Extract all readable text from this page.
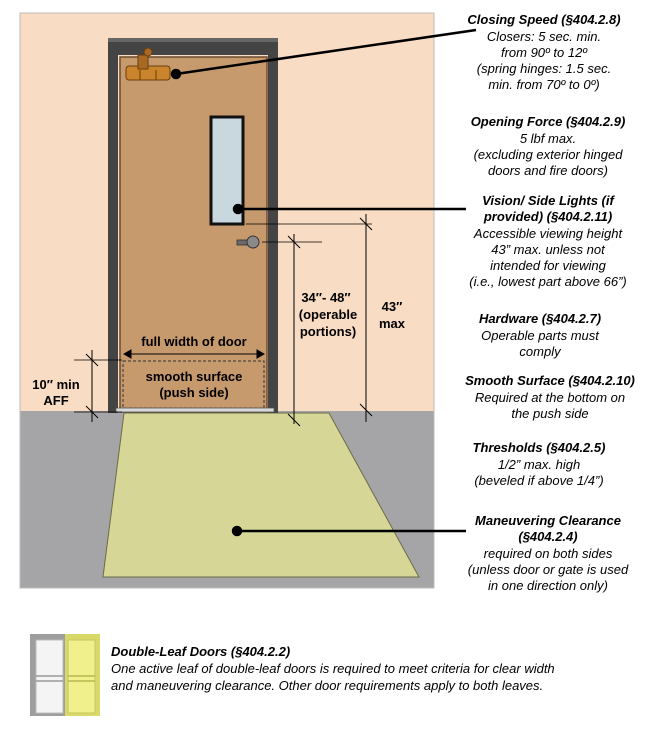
full width of door
smooth surface
(push side)
10″ min
AFF
34″- 48″
(operable
portions)
43″
max
Closing Speed (§404.2.8)
Closers: 5 sec. min.
from 90º to 12º
(spring hinges: 1.5 sec.
min. from 70º to 0º)
Opening Force (§404.2.9)
5 lbf max.
(excluding exterior hinged
doors and fire doors)
Vision/ Side Lights (if
provided) (§404.2.11)
Accessible viewing height
43” max. unless not
intended for viewing
(i.e., lowest part above 66”)
Hardware (§404.2.7)
Operable parts must
comply
Smooth Surface (§404.2.10)
Required at the bottom on
the push side
Thresholds (§404.2.5)
1/2” max. high
(beveled if above 1/4”)
Maneuvering Clearance
(§404.2.4)
required on both sides
(unless door or gate is used
in one direction only)
Double-Leaf Doors (§404.2.2)
One active leaf of double-leaf doors is required to meet criteria for clear width
and maneuvering clearance. Other door requirements apply to both leaves.
